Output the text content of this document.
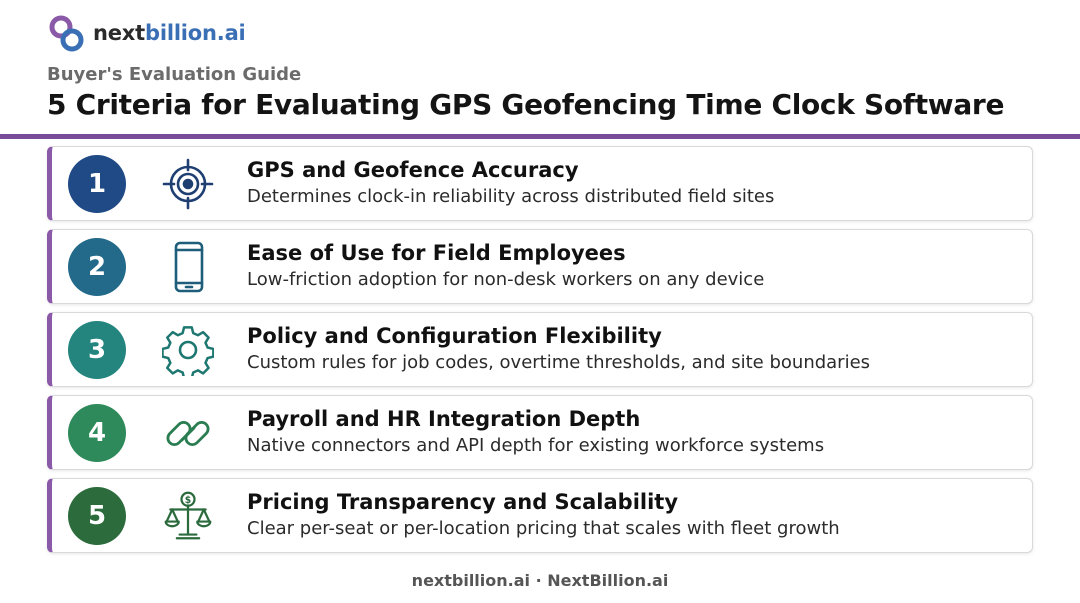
nextbillion.ai
Buyer's Evaluation Guide
5 Criteria for Evaluating GPS Geofencing Time Clock Software
1	GPS and Geofence Accuracy
Determines clock-in reliability across distributed field sites
2	Ease of Use for Field Employees
Low-friction adoption for non-desk workers on any device
3	Policy and Configuration Flexibility
Custom rules for job codes, overtime thresholds, and site boundaries
4	Payroll and HR Integration Depth
Native connectors and API depth for existing workforce systems
5
$	Pricing Transparency and Scalability
Clear per-seat or per-location pricing that scales with fleet growth
nextbillion.ai · NextBillion.ai
